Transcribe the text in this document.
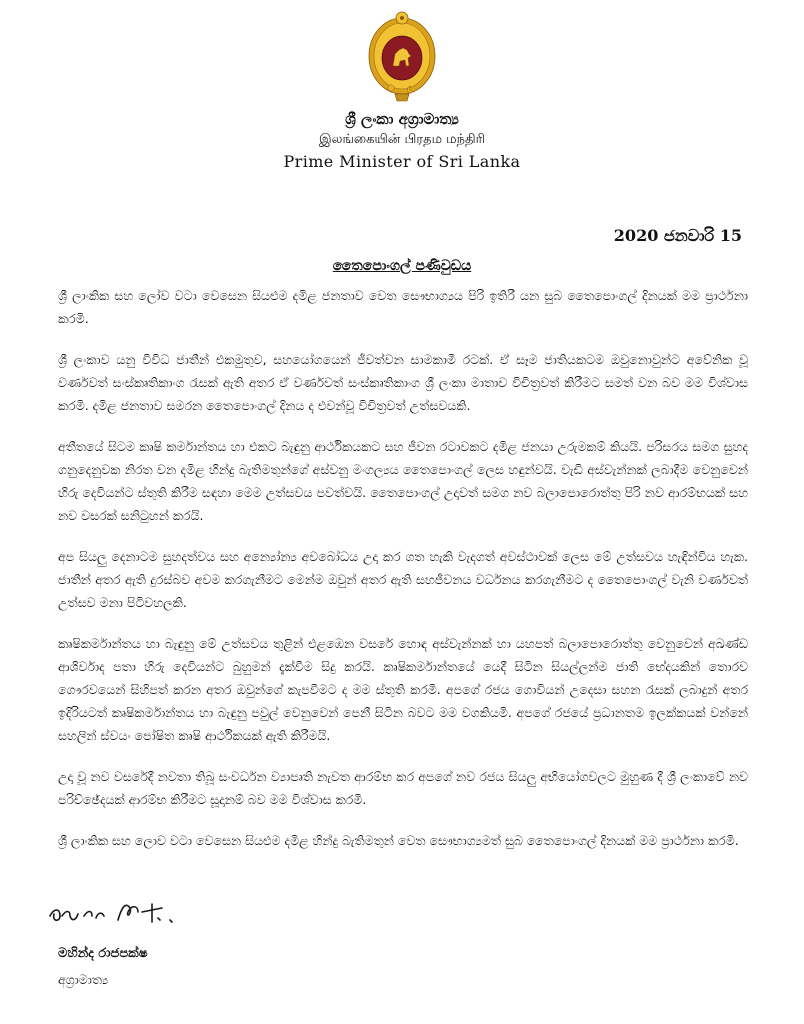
ශ්‍රී ලංකා අග්‍රාමාත්‍ය
இலங்கையின் பிரதம மந்திரி
Prime Minister of Sri Lanka
2020 ජනවාරි 15
තෛපොංගල් පණිවුඩය

ශ්‍රී ලාංකික සහ ලෝව වටා වෙසෙන සියළුම දමිළ ජනතාව වෙත සෞභාග්‍යය පිරි ඉතිරී යන සුබ තෛපොංගල් දිනයක් මම ප්‍රාර්ථනා කරමි.

ශ්‍රී ලංකාව යනු විවිධ ජාතීන් එකමුතුව, සහයෝගයෙන් ජීවත්වන සාමකාමී රටක්. ඒ සෑම ජාතියකටම ඔවුනොවුන්ට අවේනික වූ වර්ණවත් සංස්කෘතිකාංග රැසක් ඇති අතර ඒ වර්ණවත් සංස්කෘතිකාංග ශ්‍රී ලංකා මාතාව විචිත්‍රවත් කිරීමට සමත් වන බව මම විශ්වාස කරමි. දමිළ ජනතාව සමරන තෛපොංගල් දිනය ද එවන්වූ විචිත්‍රවත් උත්සවයකි.

අතීතයේ සිටම කෘෂි කර්මාන්තය හා එකට බැඳුනු ආර්ථිකයකට සහ ජීවන රටාවකට දමිළ ජනයා උරුමකම් කියයි. පරිසරය සමග සුහද ගනුදෙනුවක නිරත වන දමිළ හින්දු බැතිමතුන්ගේ අස්වනු මංගල්‍යය තෛපොංගල් ලෙස හඳුන්වයි. වැඩි අස්වැන්නක් ලබාදීම වෙනුවෙන් හිරු දෙවියන්ට ස්තුති කිරීම සඳහා මෙම උත්සවය පවත්වයි. තෛපොංගල් උදාවත් සමග නව බලාපොරොත්තු පිරි නව ආරම්භයක් සහ නව වසරක් සනිටුහන් කරයි.

අප සියලු දෙනාටම සුහදත්වය සහ අන්‍යෝන්‍ය අවබෝධය උදා කර ගත හැකි වැදගත් අවස්ථාවක් ලෙස මේ උත්සවය හැඳින්විය හැක. ජාතීන් අතර ඇති දුරස්බව අවම කරගැනීමට මෙන්ම ඔවුන් අතර ඇති සහජීවනය වර්ධනය කරගැනීමට ද තෛපොංගල් වැනි වර්ණවත් උත්සව මනා පිටිවහලකි.

කෘෂිකර්මාන්තය හා බැඳුනු මේ උත්සවය තුළින් එළඹෙන වසරේ හොඳ අස්වැන්නක් හා යහපත් බලාපොරොත්තු වෙනුවෙන් අඛණ්ඩ ආශිර්වාද පතා හිරු දෙවියන්ට බුහුමන් දැක්වීම සිදු කරයි. කෘෂිකර්මාන්තයේ යෙදී සිටින සියල්ලන්ම ජාති භේදයකින් තොරව ගෞරවයෙන් සිහිපත් කරන අතර ඔවුන්ගේ කැපවීමට ද මම ස්තුති කරමි. අපගේ රජය ගොවියන් උදෙසා සහන රැසක් ලබාදුන් අතර ඉදිරියටත් කෘෂිකර්මාන්තය හා බැඳුනු පවුල් වෙනුවෙන් පෙනී සිටින බවට මම වගකියමි. අපගේ රජයේ ප්‍රධානතම ඉලක්කයක් වන්නේ සහලින් ස්වයං පෝෂිත කෘෂි ආර්ථිකයක් ඇති කිරීමයි.

උදා වූ නව වසරේදී නවතා තිබූ සංවර්ධන ව්‍යාපෘති නැවත ආරම්භ කර අපගේ නව රජය සියලු අභියෝගවලට මුහුණ දී ශ්‍රී ලංකාවේ නව පරිච්ඡේදයක් ආරම්භ කිරීමට සූදානම් බව මම විශ්වාස කරමි.

ශ්‍රී ලාංකික සහ ලොව වටා වෙසෙන සියළුම දමිළ හින්දු බැතිමතුන් වෙත සෞභාග්‍යමත් සුබ තෛපොංගල් දිනයක් මම ප්‍රාර්ථනා කරමි.

මහින්ද රාජපක්ෂ
අග්‍රාමාත්‍ය
